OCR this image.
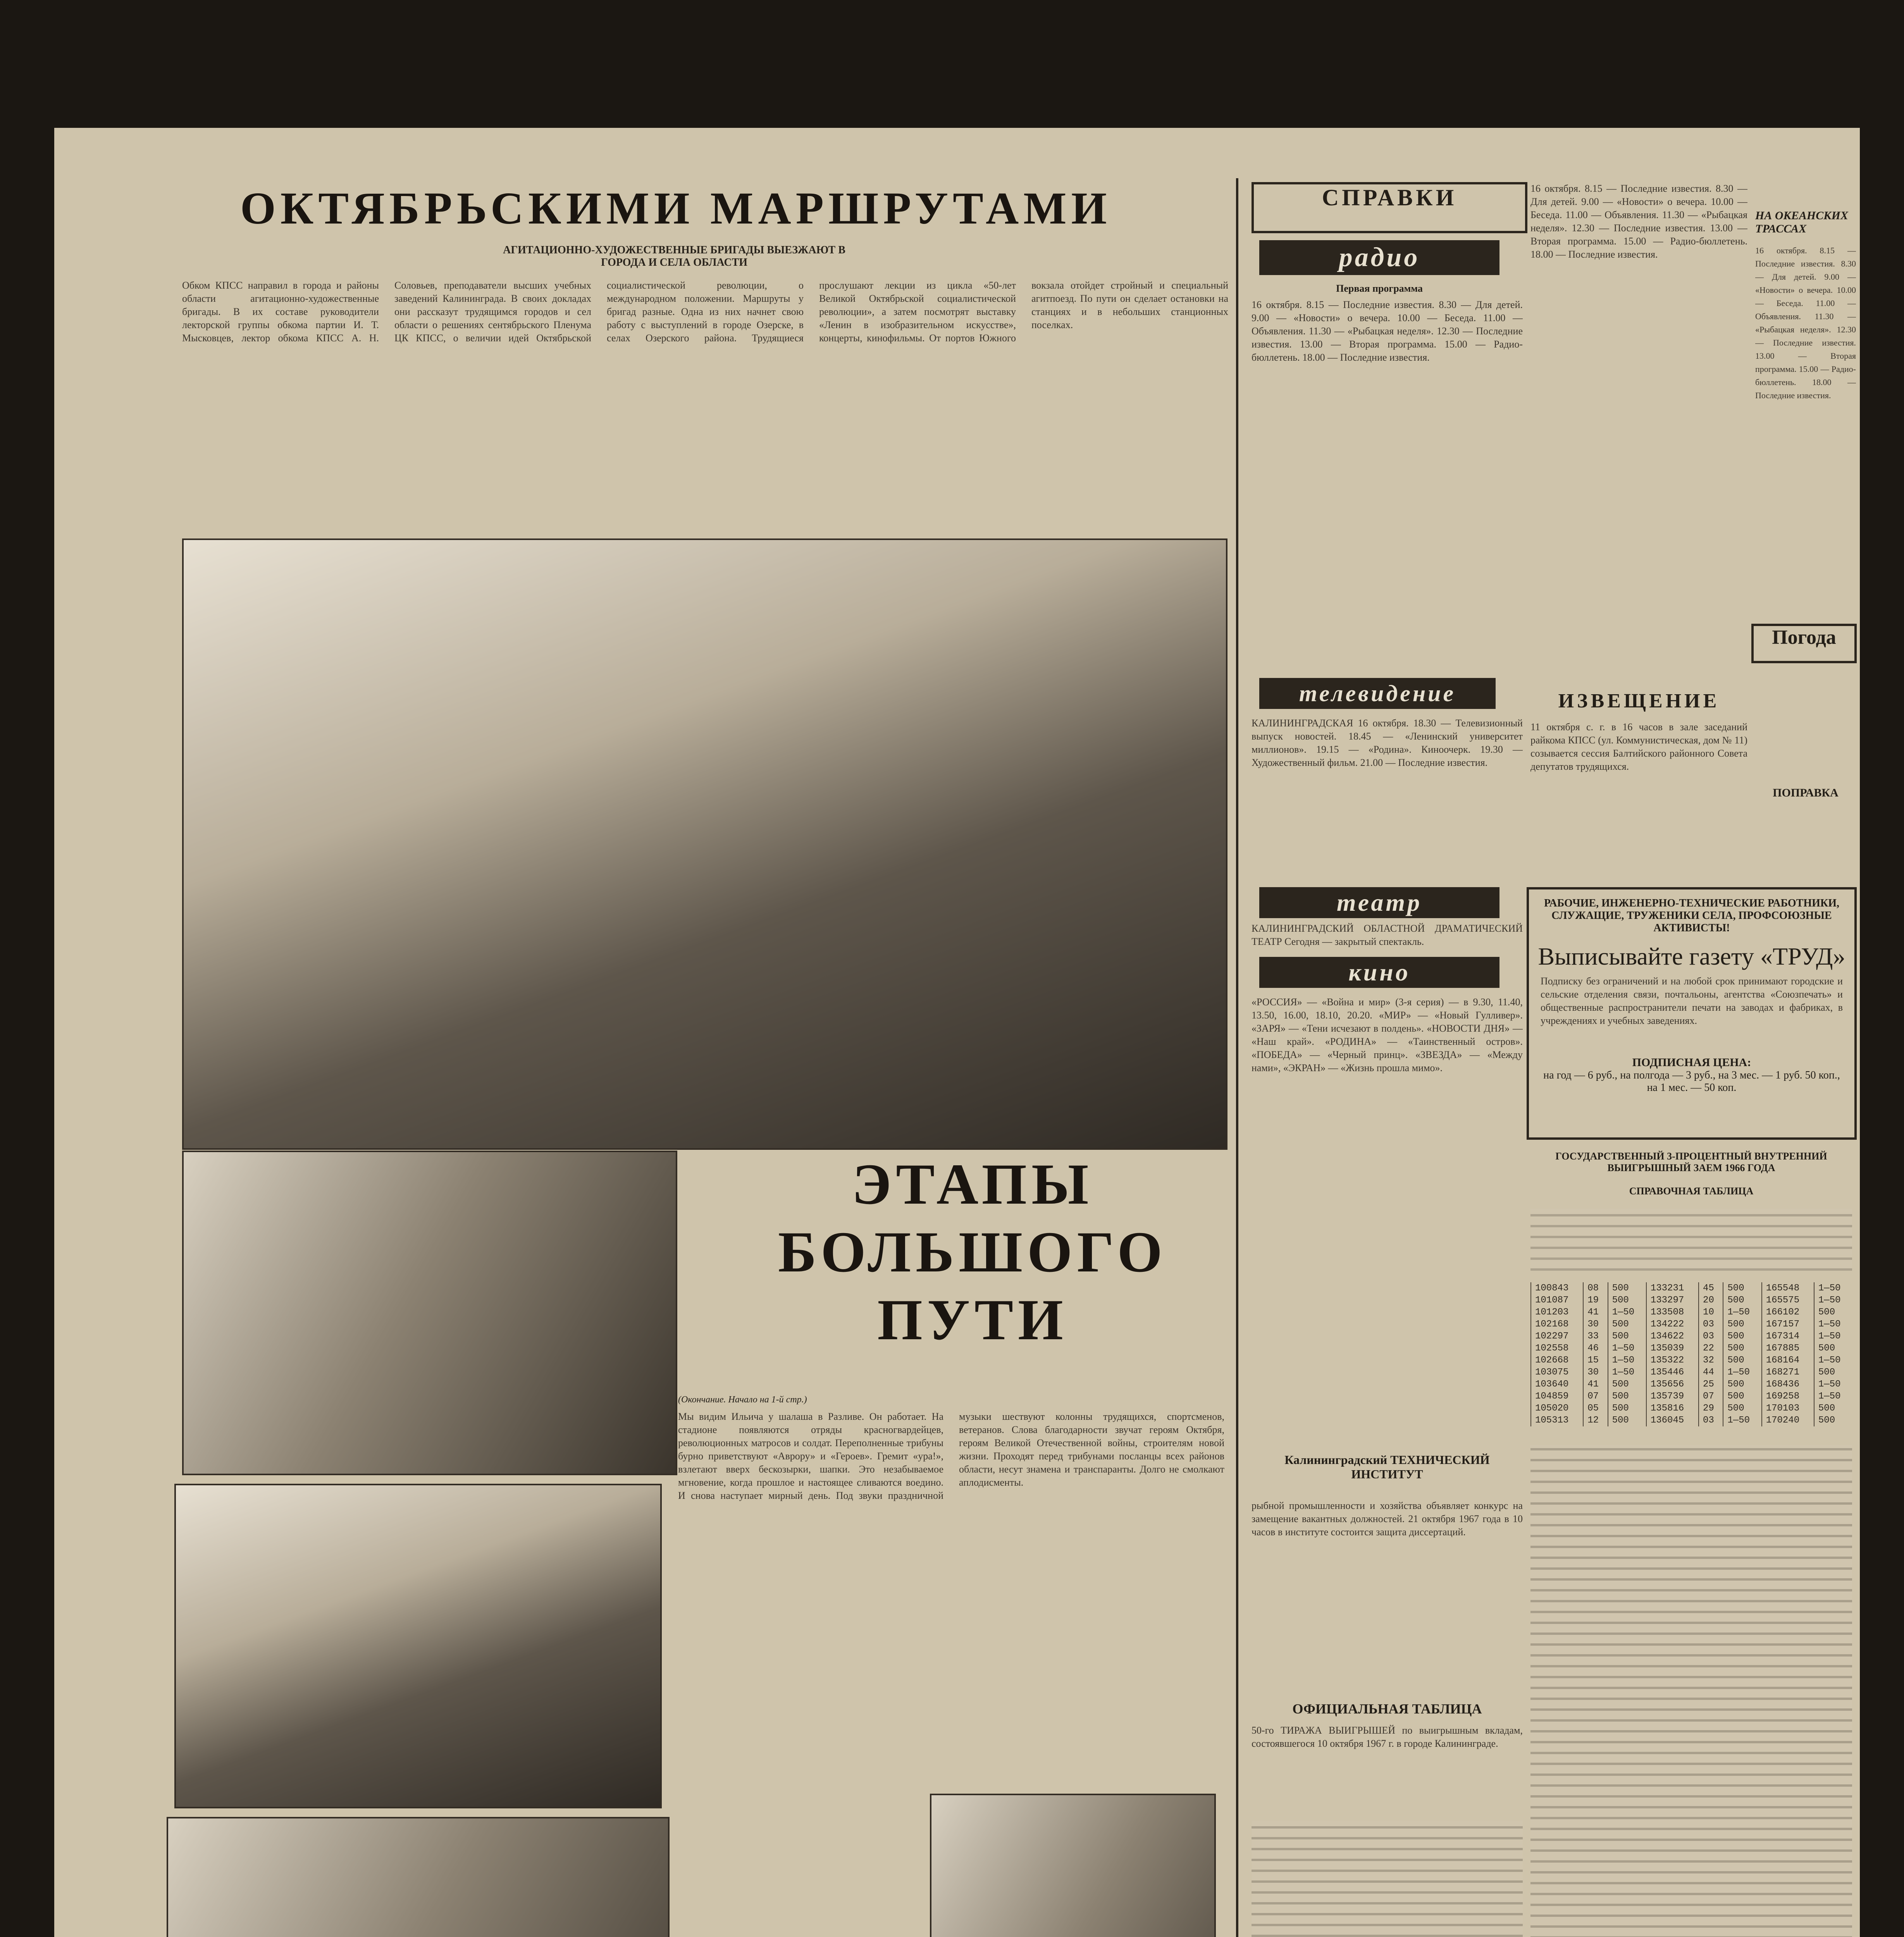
ОКТЯБРЬСКИМИ МАРШРУТАМИ
АГИТАЦИОННО-ХУДОЖЕСТВЕННЫЕ БРИГАДЫ ВЫЕЗЖАЮТ В ГОРОДА И СЕЛА ОБЛАСТИ
Обком КПСС направил в города и районы области агитационно-художественные бригады. В их составе руководители лекторской группы обкома партии И. Т. Мысковцев, лектор обкома КПСС А. Н. Соловьев, преподаватели высших учебных заведений Калининграда. В своих докладах они рассказут трудящимся городов и сел области о решениях сентябрьского Пленума ЦК КПСС, о величии идей Октябрьской социалистической революции, о международном положении. Маршруты у бригад разные. Одна из них начнет свою работу с выступлений в городе Озерске, в селах Озерского района. Трудящиеся прослушают лекции из цикла «50-лет Великой Октябрьской социалистической революции», а затем посмотрят выставку «Ленин в изобразительном искусстве», концерты, кинофильмы. От портов Южного вокзала отойдет стройный и специальный агитпоезд. По пути он сделает остановки на станциях и в небольших станционных поселках.
ЭТАПЫ
БОЛЬШОГО
ПУТИ
(Окончание. Начало на 1-й стр.)
Мы видим Ильича у шалаша в Разливе. Он работает. На стадионе появляются отряды красногвардейцев, революционных матросов и солдат. Переполненные трибуны бурно приветствуют «Аврору» и «Героев». Гремит «ура!», взлетают вверх бескозырки, шапки. Это незабываемое мгновение, когда прошлое и настоящее сливаются воедино. И снова наступает мирный день. Под звуки праздничной музыки шествуют колонны трудящихся, спортсменов, ветеранов. Слова благодарности звучат героям Октября, героям Великой Отечественной войны, строителям новой жизни. Проходят перед трибунами посланцы всех районов области, несут знамена и транспаранты. Долго не смолкают аплодисменты.
СПРАВКИ
радио
Первая программа
16 октября. 8.15 — Последние известия. 8.30 — Для детей. 9.00 — «Новости» о вечера. 10.00 — Беседа. 11.00 — Объявления. 11.30 — «Рыбацкая неделя». 12.30 — Последние известия. 13.00 — Вторая программа. 15.00 — Радио-бюллетень. 18.00 — Последние известия.
16 октября. 8.15 — Последние известия. 8.30 — Для детей. 9.00 — «Новости» о вечера. 10.00 — Беседа. 11.00 — Объявления. 11.30 — «Рыбацкая неделя». 12.30 — Последние известия. 13.00 — Вторая программа. 15.00 — Радио-бюллетень. 18.00 — Последние известия.
телевидение
КАЛИНИНГРАДСКАЯ 16 октября. 18.30 — Телевизионный выпуск новостей. 18.45 — «Ленинский университет миллионов». 19.15 — «Родина». Киноочерк. 19.30 — Художественный фильм. 21.00 — Последние известия.
ИЗВЕЩЕНИЕ
11 октября с. г. в 16 часов в зале заседаний райкома КПСС (ул. Коммунистическая, дом № 11) созывается сессия Балтийского районного Совета депутатов трудящихся.
НА ОКЕАНСКИХ ТРАССАХ
16 октября. 8.15 — Последние известия. 8.30 — Для детей. 9.00 — «Новости» о вечера. 10.00 — Беседа. 11.00 — Объявления. 11.30 — «Рыбацкая неделя». 12.30 — Последние известия. 13.00 — Вторая программа. 15.00 — Радио-бюллетень. 18.00 — Последние известия.
Погода
ПОПРАВКА
театр
КАЛИНИНГРАДСКИЙ ОБЛАСТНОЙ ДРАМАТИЧЕСКИЙ ТЕАТР Сегодня — закрытый спектакль.
кино
«РОССИЯ» — «Война и мир» (3-я серия) — в 9.30, 11.40, 13.50, 16.00, 18.10, 20.20. «МИР» — «Новый Гулливер». «ЗАРЯ» — «Тени исчезают в полдень». «НОВОСТИ ДНЯ» — «Наш край». «РОДИНА» — «Таинственный остров». «ПОБЕДА» — «Черный принц». «ЗВЕЗДА» — «Между нами», «ЭКРАН» — «Жизнь прошла мимо».
РАБОЧИЕ, ИНЖЕНЕРНО-ТЕХНИЧЕСКИЕ РАБОТНИКИ, СЛУЖАЩИЕ, ТРУЖЕНИКИ СЕЛА, ПРОФСОЮЗНЫЕ АКТИВИСТЫ!
Выписывайте газету «ТРУД»
Подписку без ограничений и на любой срок принимают городские и сельские отделения связи, почтальоны, агентства «Союзпечать» и общественные распространители печати на заводах и фабриках, в учреждениях и учебных заведениях.
ПОДПИСНАЯ ЦЕНА:
на год — 6 руб., на полгода — 3 руб., на 3 мес. — 1 руб. 50 коп., на 1 мес. — 50 коп.
ГОСУДАРСТВЕННЫЙ 3-ПРОЦЕНТНЫЙ ВНУТРЕННИЙ ВЫИГРЫШНЫЙ ЗАЕМ 1966 ГОДА
СПРАВОЧНАЯ ТАБЛИЦА
100843	08	500	133231	45	500	165548	1—50
101087	19	500	133297	20	500	165575	1—50
101203	41	1—50	133508	10	1—50	166102	500
102168	30	500	134222	03	500	167157	1—50
102297	33	500	134622	03	500	167314	1—50
102558	46	1—50	135039	22	500	167885	500
102668	15	1—50	135322	32	500	168164	1—50
103075	30	1—50	135446	44	1—50	168271	500
103640	41	500	135656	25	500	168436	1—50
104859	07	500	135739	07	500	169258	1—50
105020	05	500	135816	29	500	170103	500
105313	12	500	136045	03	1—50	170240	500
Калининградский ТЕХНИЧЕСКИЙ ИНСТИТУТ
рыбной промышленности и хозяйства объявляет конкурс на замещение вакантных должностей. 21 октября 1967 года в 10 часов в институте состоится защита диссертаций.
ОФИЦИАЛЬНАЯ ТАБЛИЦА
50-го ТИРАЖА ВЫИГРЫШЕЙ по выигрышным вкладам, состоявшегося 10 октября 1967 г. в городе Калининграде.
